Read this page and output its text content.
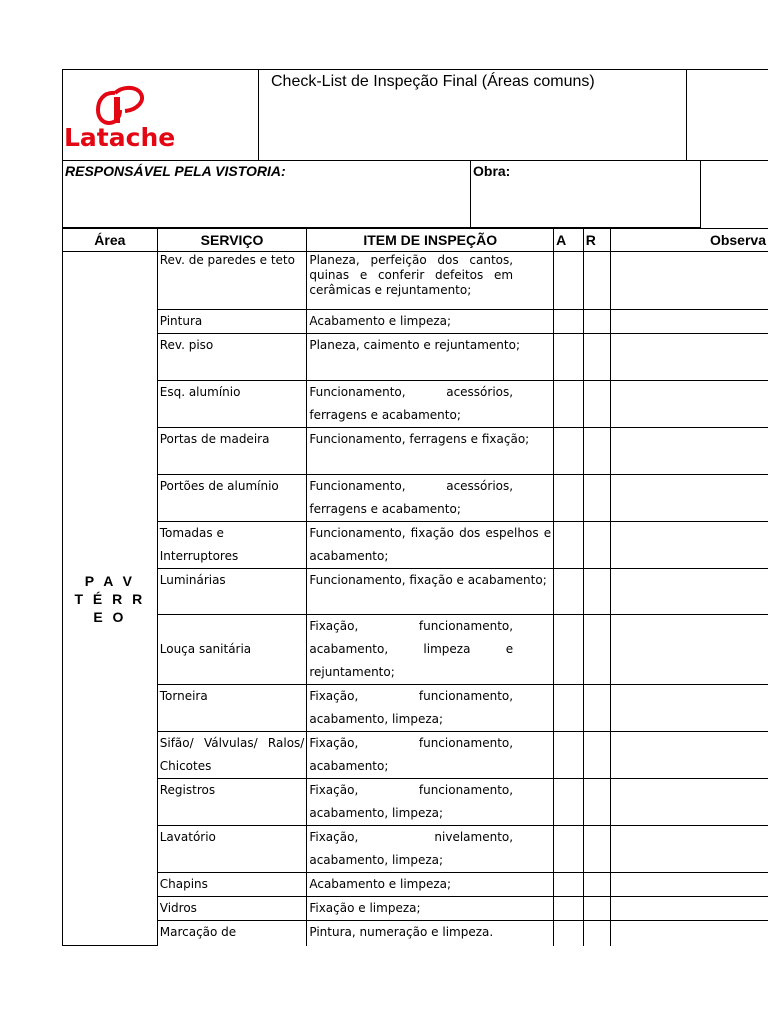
Latache
Check-List de Inspeção Final (Áreas comuns)
RESPONSÁVEL PELA VISTORIA:	Obra:
Área	SERVIÇO	ITEM DE INSPEÇÃO	A	R	Observa

P A V
T É R R E O	Rev. de paredes e teto	Planeza, perfeição dos cantos, quinas e conferir defeitos em cerâmicas e rejuntamento;			
	Pintura	Acabamento e limpeza;			
	Rev. piso	Planeza, caimento e rejuntamento;			
	Esq. alumínio	Funcionamento, acessórios, ferragens e acabamento;			
	Portas de madeira	Funcionamento, ferragens e fixação;			
	Portões de alumínio	Funcionamento, acessórios, ferragens e acabamento;			
	Tomadas e Interruptores	Funcionamento, fixação dos espelhos e acabamento;			
	Luminárias	Funcionamento, fixação e acabamento;			
	Louça sanitária	Fixação, funcionamento, acabamento, limpeza e rejuntamento;			
	Torneira	Fixação, funcionamento, acabamento, limpeza;			
	Sifão/ Válvulas/ Ralos/ Chicotes	Fixação, funcionamento, acabamento;			
	Registros	Fixação, funcionamento, acabamento, limpeza;			
	Lavatório	Fixação, nivelamento, acabamento, limpeza;			
	Chapins	Acabamento e limpeza;			
	Vidros	Fixação e limpeza;			
	Marcação de	Pintura, numeração e limpeza.			
